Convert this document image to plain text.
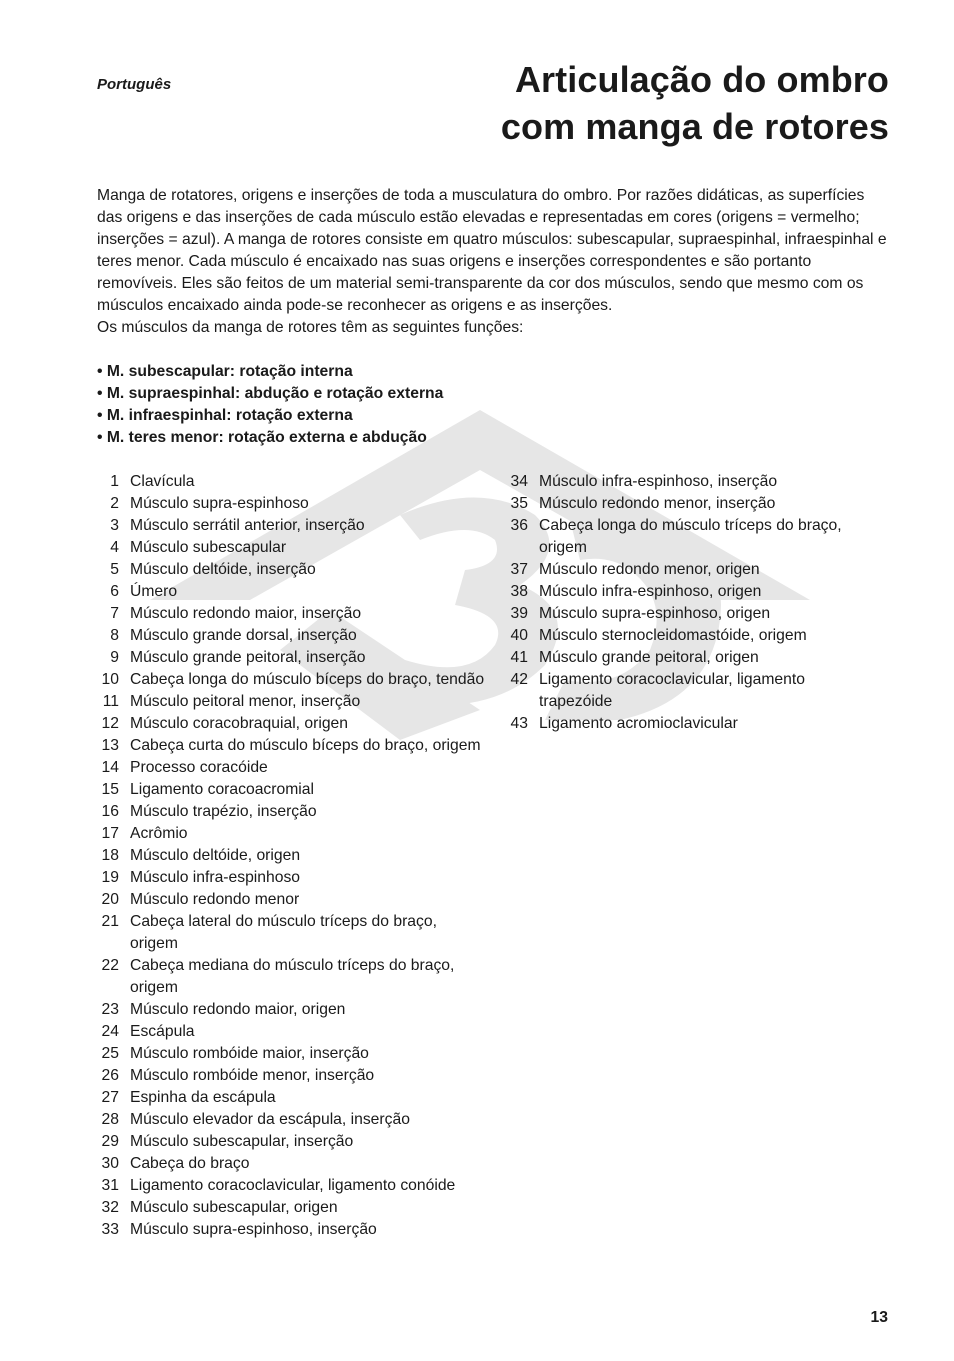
Português	Articulação do ombro
com manga de rotores
Manga de rotatores, origens e inserções de toda a musculatura do ombro. Por razões didáticas, as superfícies das origens e das inserções de cada músculo estão elevadas e representadas em cores (origens = vermelho; inserções = azul). A manga de rotores consiste em quatro músculos: subescapular, supraespinhal, infraespinhal e teres menor. Cada músculo é encaixado nas suas origens e inserções correspondentes e são portanto removíveis. Eles são feitos de um material semi-transparente da cor dos músculos, sendo que mesmo com os músculos encaixado ainda pode-se reconhecer as origens e as inserções.
Os músculos da manga de rotores têm as seguintes funções:
• M. subescapular: rotação interna
• M. supraespinhal: abdução e rotação externa
• M. infraespinhal: rotação externa
• M. teres menor: rotação externa e abdução
1 Clavícula
2 Músculo supra-espinhoso
3 Músculo serrátil anterior, inserção
4 Músculo subescapular
5 Músculo deltóide, inserção
6 Úmero
7 Músculo redondo maior, inserção
8 Músculo grande dorsal, inserção
9 Músculo grande peitoral, inserção
10 Cabeça longa do músculo bíceps do braço, tendão
11 Músculo peitoral menor, inserção
12 Músculo coracobraquial, origen
13 Cabeça curta do músculo bíceps do braço, origem
14 Processo coracóide
15 Ligamento coracoacromial
16 Músculo trapézio, inserção
17 Acrômio
18 Músculo deltóide, origen
19 Músculo infra-espinhoso
20 Músculo redondo menor
21 Cabeça lateral do músculo tríceps do braço, origem
22 Cabeça mediana do músculo tríceps do braço, origem
23 Músculo redondo maior, origen
24 Escápula
25 Músculo rombóide maior, inserção
26 Músculo rombóide menor, inserção
27 Espinha da escápula
28 Músculo elevador da escápula, inserção
29 Músculo subescapular, inserção
30 Cabeça do braço
31 Ligamento coracoclavicular, ligamento conóide
32 Músculo subescapular, origen
33 Músculo supra-espinhoso, inserção
34 Músculo infra-espinhoso, inserção
35 Músculo redondo menor, inserção
36 Cabeça longa do músculo tríceps do braço, origem
37 Músculo redondo menor, origen
38 Músculo infra-espinhoso, origen
39 Músculo supra-espinhoso, origen
40 Músculo sternocleidomastóide, origem
41 Músculo grande peitoral, origen
42 Ligamento coracoclavicular, ligamento trapezóide
43 Ligamento acromioclavicular
13
